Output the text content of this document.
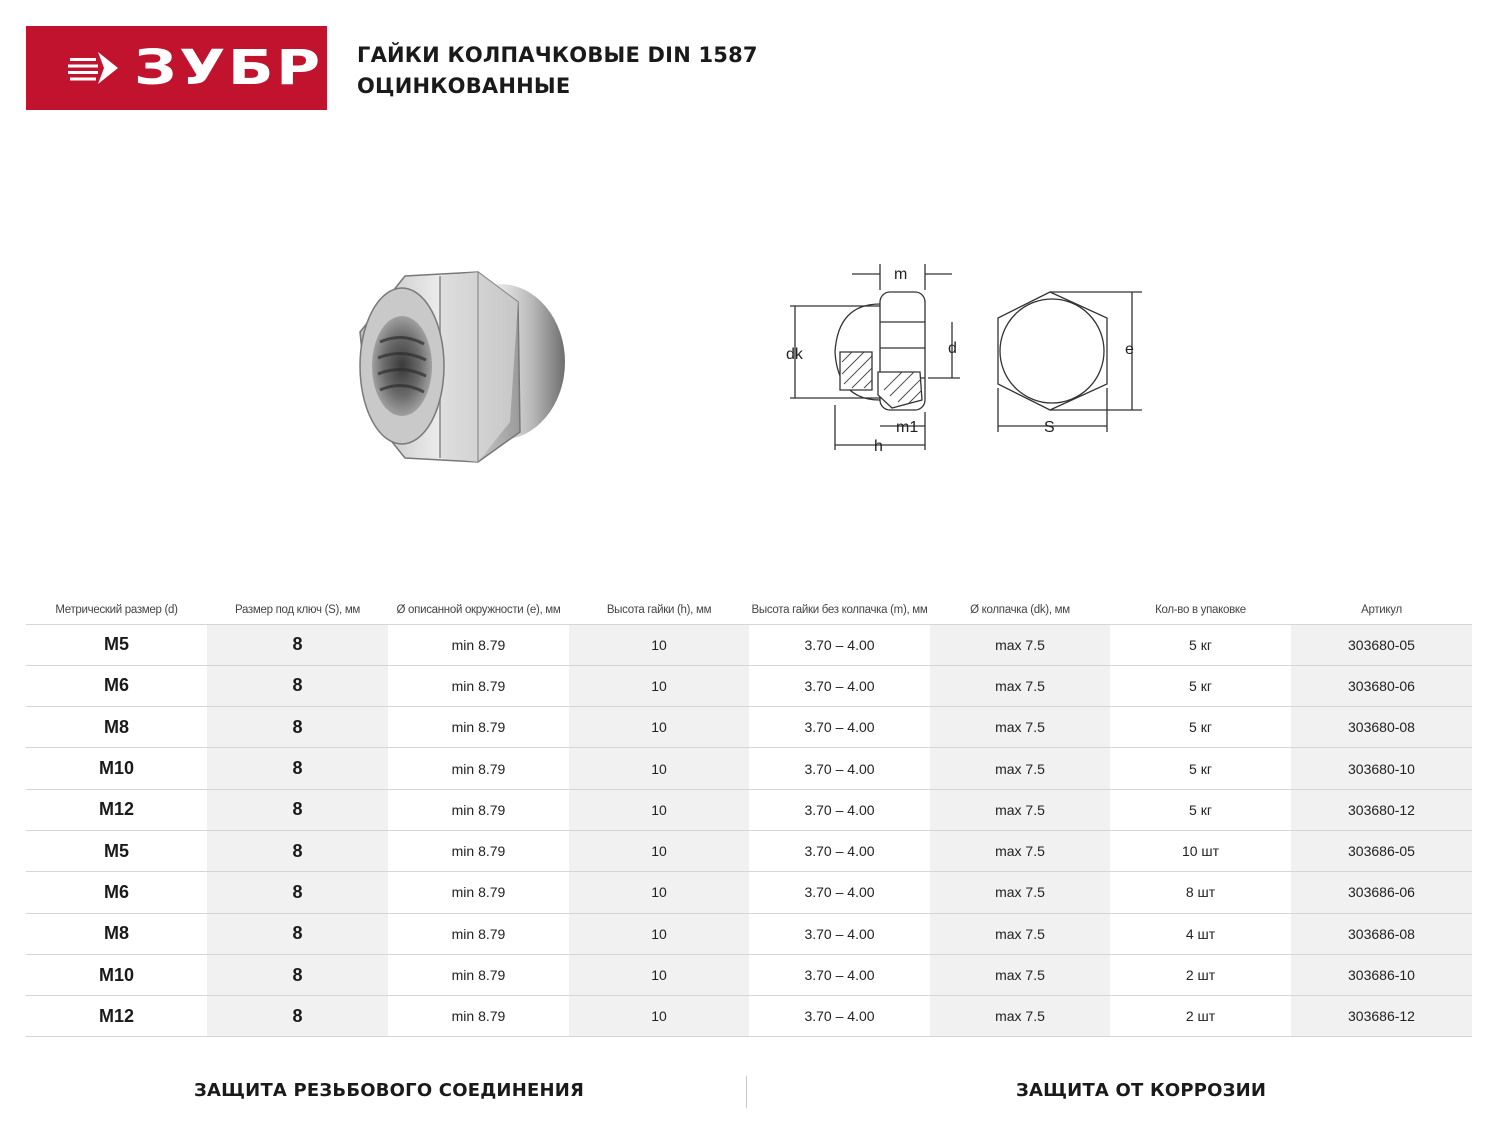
ЗУБР ГАЙКИ КОЛПАЧКОВЫЕ DIN 1587
ОЦИНКОВАННЫЕ
m
dk	d
m1
h
e
S
Метрический размер (d)	Размер под ключ (S), мм	Ø описанной окружности (e), мм	Высота гайки (h), мм	Высота гайки без колпачка (m), мм	Ø колпачка (dk), мм	Кол-во в упаковке	Артикул
M5	8	min 8.79	10	3.70 – 4.00	max 7.5	5 кг	303680-05
M6	8	min 8.79	10	3.70 – 4.00	max 7.5	5 кг	303680-06
M8	8	min 8.79	10	3.70 – 4.00	max 7.5	5 кг	303680-08
M10	8	min 8.79	10	3.70 – 4.00	max 7.5	5 кг	303680-10
M12	8	min 8.79	10	3.70 – 4.00	max 7.5	5 кг	303680-12
M5	8	min 8.79	10	3.70 – 4.00	max 7.5	10 шт	303686-05
M6	8	min 8.79	10	3.70 – 4.00	max 7.5	8 шт	303686-06
M8	8	min 8.79	10	3.70 – 4.00	max 7.5	4 шт	303686-08
M10	8	min 8.79	10	3.70 – 4.00	max 7.5	2 шт	303686-10
M12	8	min 8.79	10	3.70 – 4.00	max 7.5	2 шт	303686-12
ЗАЩИТА РЕЗЬБОВОГО СОЕДИНЕНИЯ	ЗАЩИТА ОТ КОРРОЗИИ
